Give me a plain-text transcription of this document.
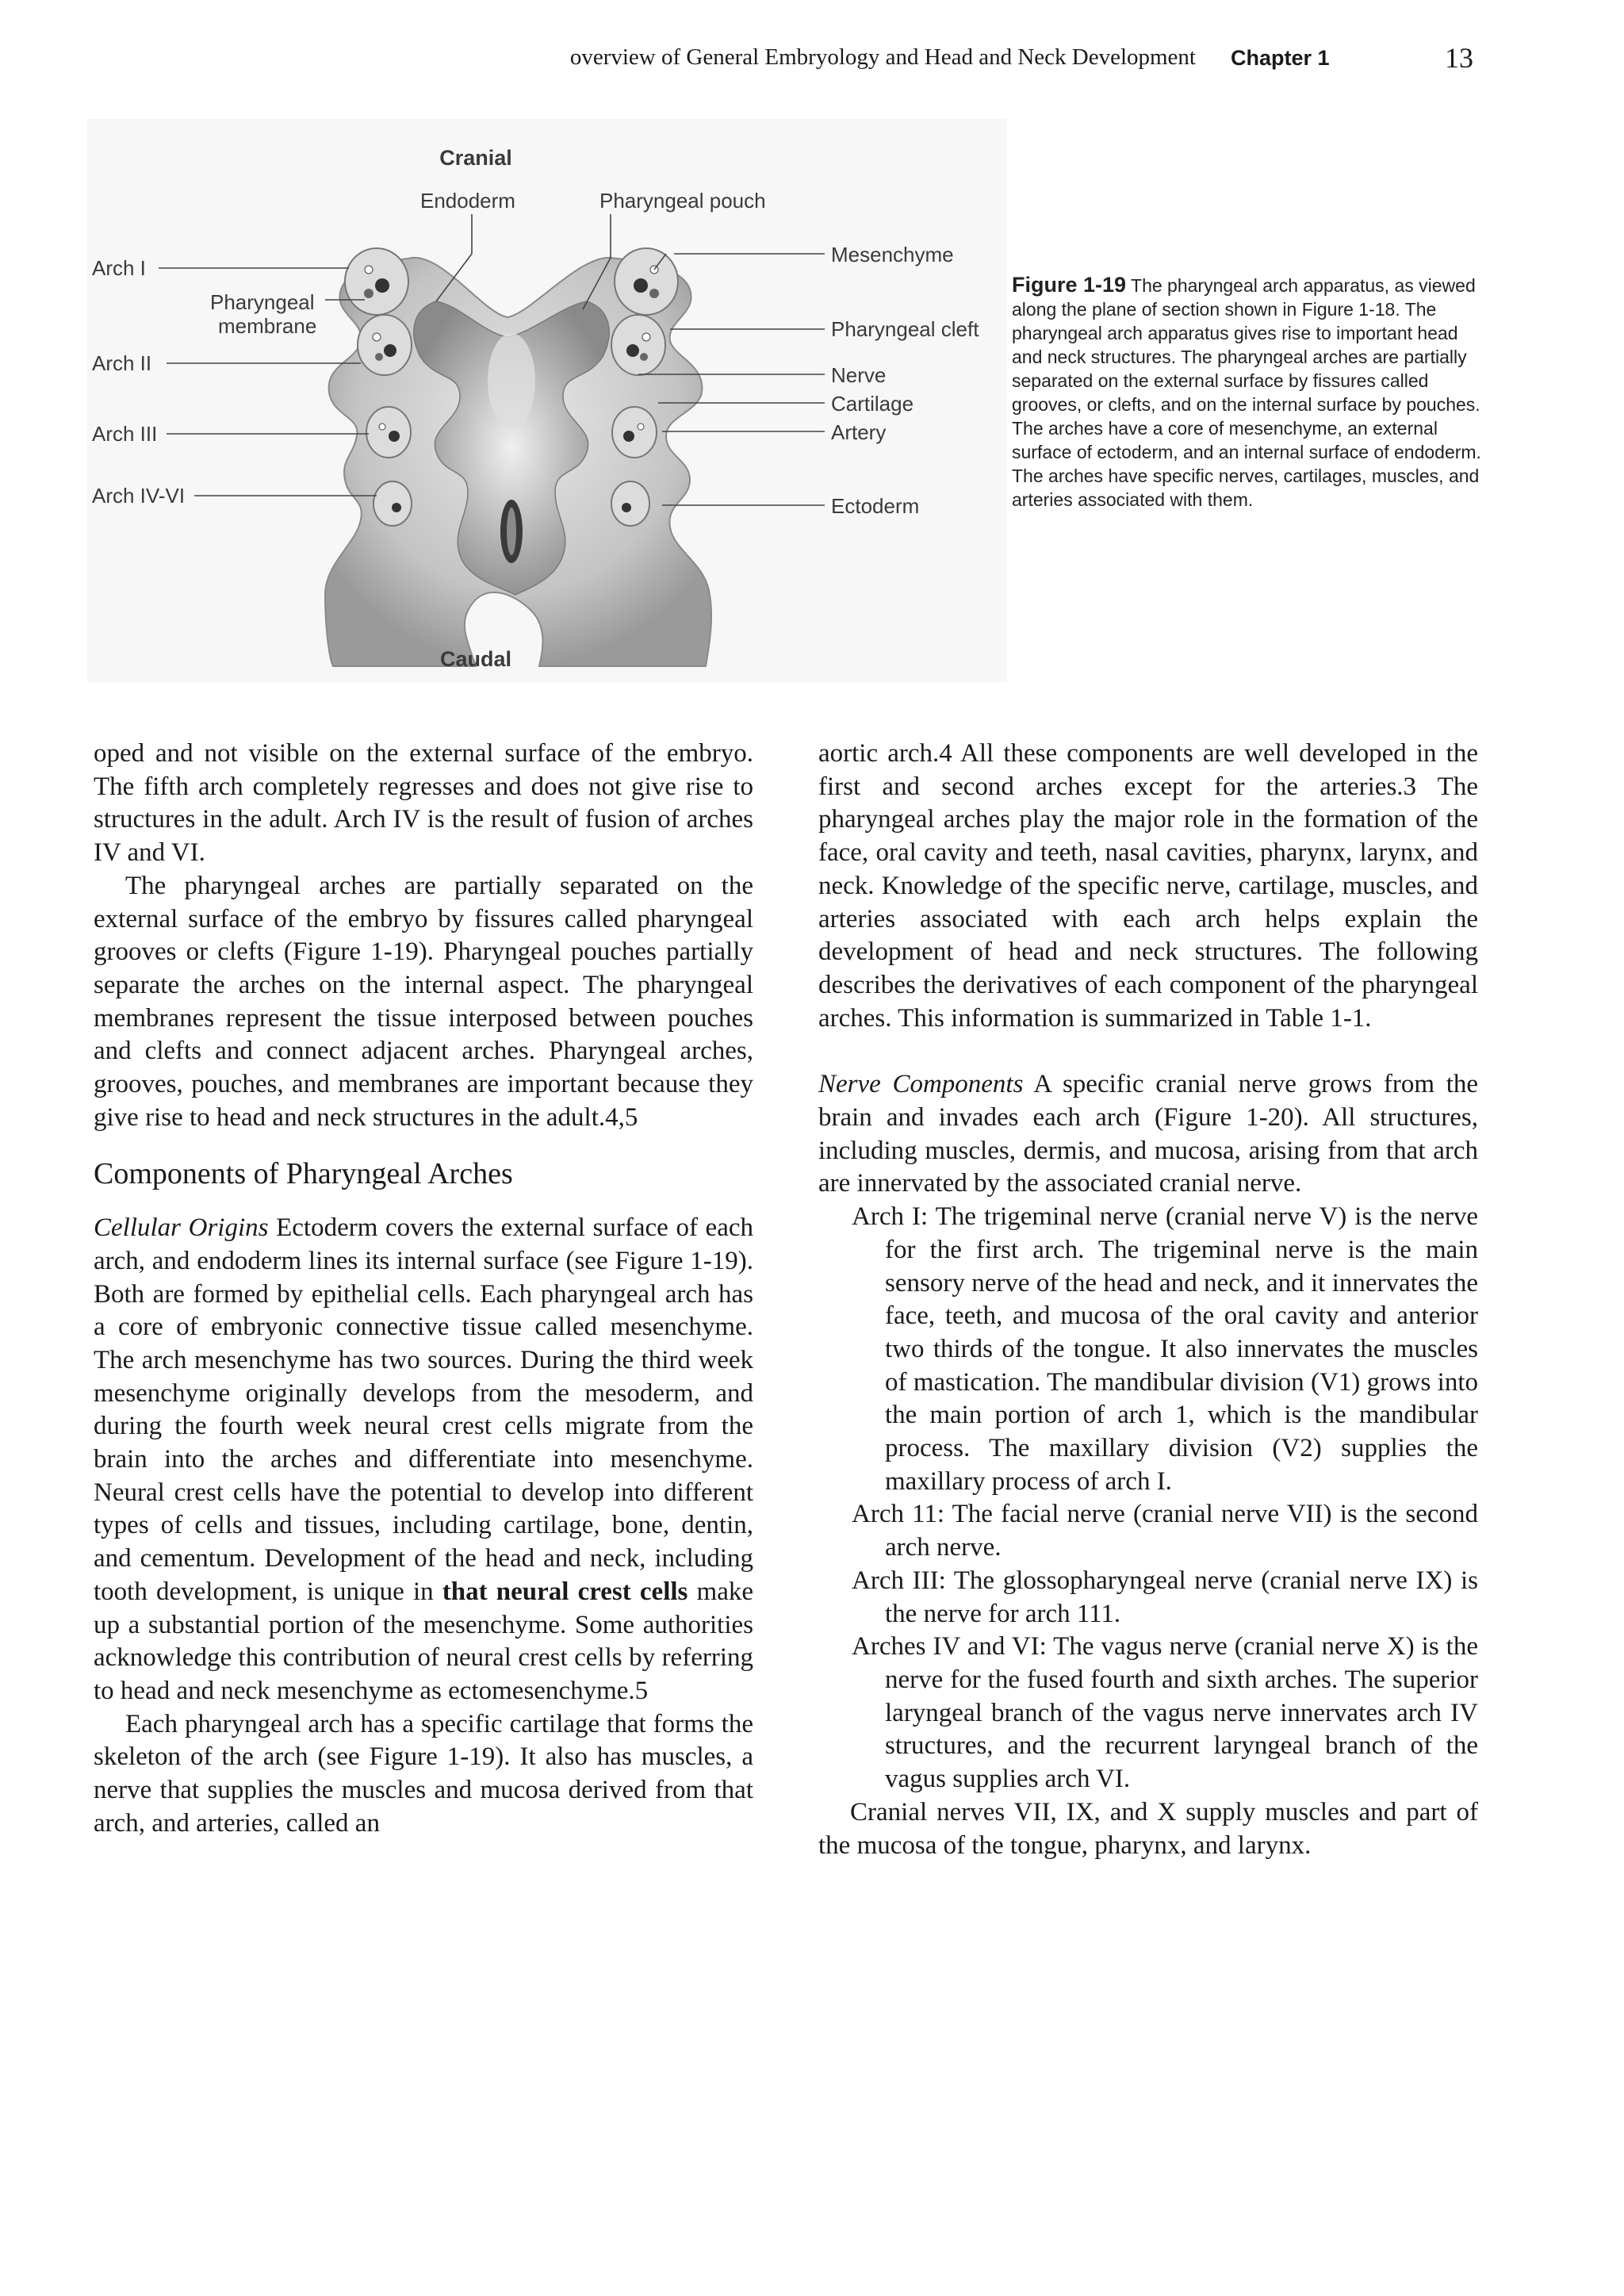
overview of General Embryology and Head and Neck Development Chapter 1	13
Cranial
Caudal
Endoderm	Pharyngeal pouch
Mesenchyme
Pharyngeal
membrane	Pharyngeal cleft
Nerve
Cartilage
Artery
Ectoderm
Arch I
Arch II
Arch III
Arch IV-VI
Figure 1-19 The pharyngeal arch apparatus, as viewed along the plane of section shown in Figure 1-18. The pharyngeal arch apparatus gives rise to important head and neck structures. The pharyngeal arches are partially separated on the external surface by fissures called grooves, or clefts, and on the internal surface by pouches. The arches have a core of mesenchyme, an external surface of ectoderm, and an internal surface of endoderm. The arches have specific nerves, cartilages, muscles, and arteries associated with them.

oped and not visible on the external surface of the embryo. The fifth arch completely regresses and does not give rise to structures in the adult. Arch IV is the result of fusion of arches IV and VI.

The pharyngeal arches are partially separated on the external surface of the embryo by fissures called pharyngeal grooves or clefts (Figure 1-19). Pharyngeal pouches partially separate the arches on the internal aspect. The pharyngeal membranes represent the tissue interposed between pouches and clefts and connect adjacent arches. Pharyngeal arches, grooves, pouches, and membranes are important because they give rise to head and neck structures in the adult.4,5

Components of Pharyngeal Arches

Cellular Origins Ectoderm covers the external surface of each arch, and endoderm lines its internal surface (see Figure 1-19). Both are formed by epithelial cells. Each pharyngeal arch has a core of embryonic connective tissue called mesenchyme. The arch mesenchyme has two sources. During the third week mesenchyme originally develops from the mesoderm, and during the fourth week neural crest cells migrate from the brain into the arches and differentiate into mesenchyme. Neural crest cells have the potential to develop into different types of cells and tissues, including cartilage, bone, dentin, and cementum. Development of the head and neck, including tooth development, is unique in that neural crest cells make up a substantial portion of the mesenchyme. Some authorities acknowledge this contribution of neural crest cells by referring to head and neck mesenchyme as ectomesenchyme.5

Each pharyngeal arch has a specific cartilage that forms the skeleton of the arch (see Figure 1-19). It also has muscles, a nerve that supplies the muscles and mucosa derived from that arch, and arteries, called an

aortic arch.4 All these components are well developed in the first and second arches except for the arteries.3 The pharyngeal arches play the major role in the formation of the face, oral cavity and teeth, nasal cavities, pharynx, larynx, and neck. Knowledge of the specific nerve, cartilage, muscles, and arteries associated with each arch helps explain the development of head and neck structures. The following describes the derivatives of each component of the pharyngeal arches. This information is summarized in Table 1-1.

Nerve Components A specific cranial nerve grows from the brain and invades each arch (Figure 1-20). All structures, including muscles, dermis, and mucosa, arising from that arch are innervated by the associated cranial nerve.

Arch I: The trigeminal nerve (cranial nerve V) is the nerve for the first arch. The trigeminal nerve is the main sensory nerve of the head and neck, and it innervates the face, teeth, and mucosa of the oral cavity and anterior two thirds of the tongue. It also innervates the muscles of mastication. The mandibular division (V1) grows into the main portion of arch 1, which is the mandibular process. The maxillary division (V2) supplies the maxillary process of arch I.

Arch 11: The facial nerve (cranial nerve VII) is the second arch nerve.

Arch III: The glossopharyngeal nerve (cranial nerve IX) is the nerve for arch 111.

Arches IV and VI: The vagus nerve (cranial nerve X) is the nerve for the fused fourth and sixth arches. The superior laryngeal branch of the vagus nerve innervates arch IV structures, and the recurrent laryngeal branch of the vagus supplies arch VI.

Cranial nerves VII, IX, and X supply muscles and part of the mucosa of the tongue, pharynx, and larynx.
